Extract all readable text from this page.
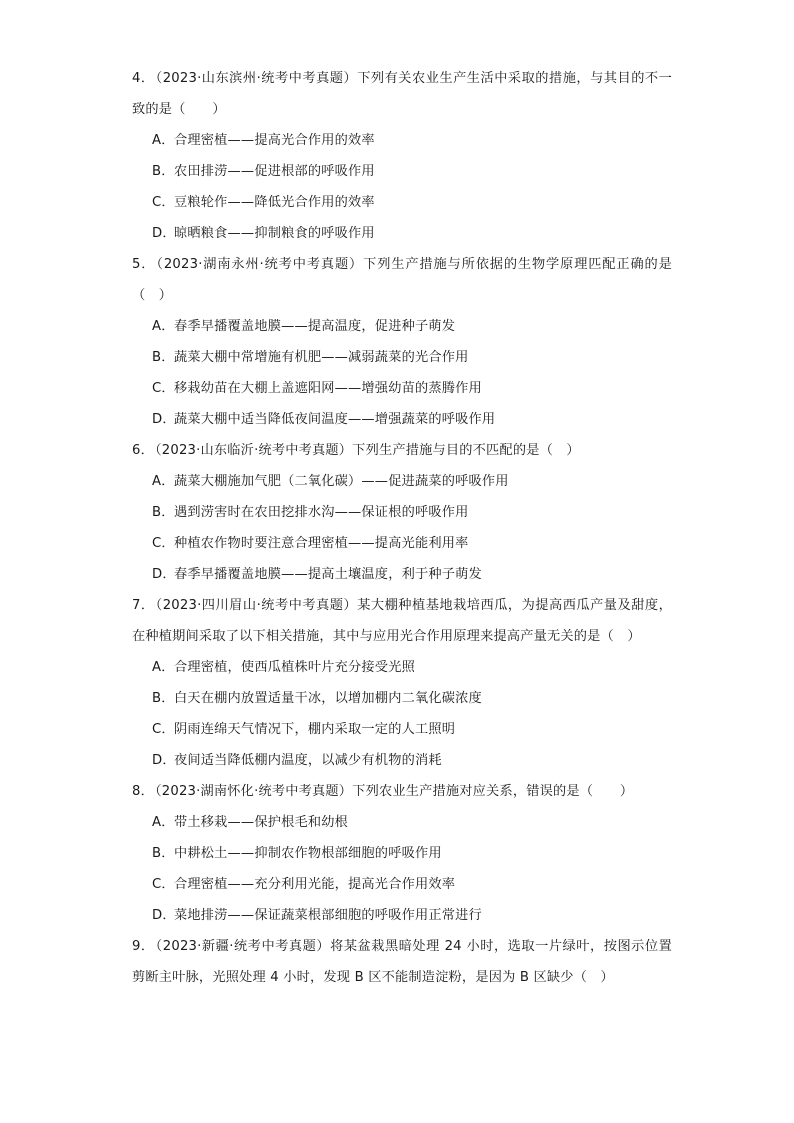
4．（2023·山东滨州·统考中考真题）下列有关农业生产生活中采取的措施，与其目的不一致的是（　　）

A．合理密植——提高光合作用的效率

B．农田排涝——促进根部的呼吸作用

C．豆粮轮作——降低光合作用的效率

D．晾晒粮食——抑制粮食的呼吸作用

5．（2023·湖南永州·统考中考真题）下列生产措施与所依据的生物学原理匹配正确的是（　）

A．春季早播覆盖地膜——提高温度，促进种子萌发

B．蔬菜大棚中常增施有机肥——减弱蔬菜的光合作用

C．移栽幼苗在大棚上盖遮阳网——增强幼苗的蒸腾作用

D．蔬菜大棚中适当降低夜间温度——增强蔬菜的呼吸作用

6．（2023·山东临沂·统考中考真题）下列生产措施与目的不匹配的是（　）

A．蔬菜大棚施加气肥（二氧化碳）——促进蔬菜的呼吸作用

B．遇到涝害时在农田挖排水沟——保证根的呼吸作用

C．种植农作物时要注意合理密植——提高光能利用率

D．春季早播覆盖地膜——提高土壤温度，利于种子萌发

7．（2023·四川眉山·统考中考真题）某大棚种植基地栽培西瓜，为提高西瓜产量及甜度，在种植期间采取了以下相关措施，其中与应用光合作用原理来提高产量无关的是（　）

A．合理密植，使西瓜植株叶片充分接受光照

B．白天在棚内放置适量干冰，以增加棚内二氧化碳浓度

C．阴雨连绵天气情况下，棚内采取一定的人工照明

D．夜间适当降低棚内温度，以减少有机物的消耗

8．（2023·湖南怀化·统考中考真题）下列农业生产措施对应关系，错误的是（　　）

A．带土移栽——保护根毛和幼根

B．中耕松土——抑制农作物根部细胞的呼吸作用

C．合理密植——充分利用光能，提高光合作用效率

D．菜地排涝——保证蔬菜根部细胞的呼吸作用正常进行

9．（2023·新疆·统考中考真题）将某盆栽黑暗处理 24 小时，选取一片绿叶，按图示位置剪断主叶脉，光照处理 4 小时，发现 B 区不能制造淀粉，是因为 B 区缺少（　）
